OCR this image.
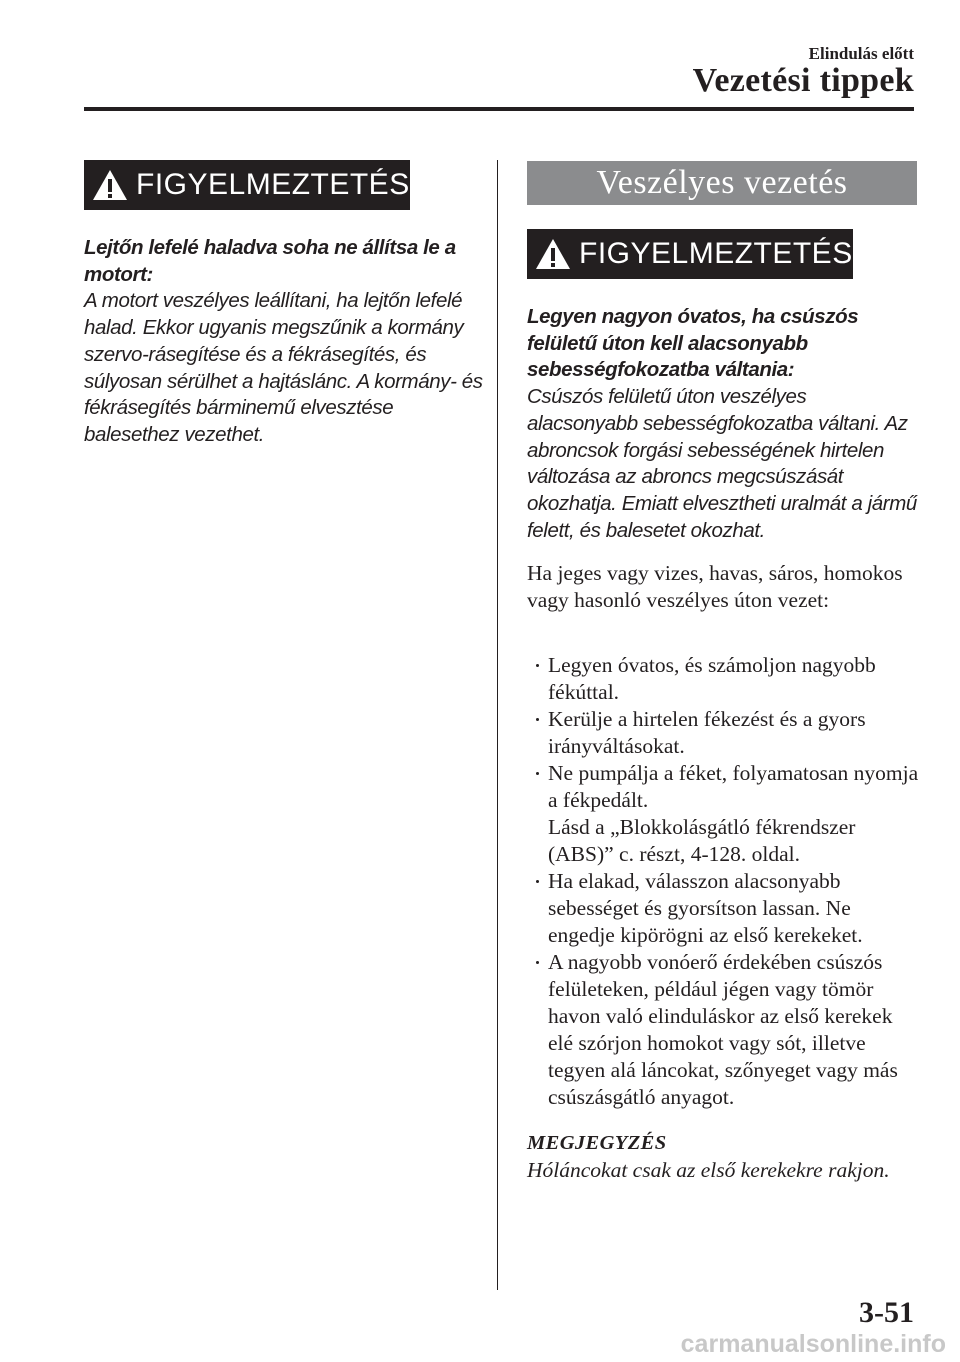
Elindulás előtt
Vezetési tippek
FIGYELMEZTETÉS
Lejtőn lefelé haladva soha ne állítsa le a motort:
A motort veszélyes leállítani, ha lejtőn lefelé halad. Ekkor ugyanis megszűnik a kormány szervo-rásegítése és a fékrásegítés, és súlyosan sérülhet a hajtáslánc. A kormány- és fékrásegítés bárminemű elvesztése balesethez vezethet.
Veszélyes vezetés
FIGYELMEZTETÉS
Legyen nagyon óvatos, ha csúszós felületű úton kell alacsonyabb sebességfokozatba váltania:
Csúszós felületű úton veszélyes alacsonyabb sebességfokozatba váltani. Az abroncsok forgási sebességének hirtelen változása az abroncs megcsúszását okozhatja. Emiatt elvesztheti uralmát a jármű felett, és balesetet okozhat.
Ha jeges vagy vizes, havas, sáros, homokos vagy hasonló veszélyes úton vezet:
Legyen óvatos, és számoljon nagyobb fékúttal.
Kerülje a hirtelen fékezést és a gyors irányváltásokat.
Ne pumpálja a féket, folyamatosan nyomja a fékpedált.
Lásd a „Blokkolásgátló fékrendszer (ABS)” c. részt, 4-128. oldal.
Ha elakad, válasszon alacsonyabb sebességet és gyorsítson lassan. Ne engedje kipörögni az első kerekeket.
A nagyobb vonóerő érdekében csúszós felületeken, például jégen vagy tömör havon való elinduláskor az első kerekek elé szórjon homokot vagy sót, illetve tegyen alá láncokat, szőnyeget vagy más csúszásgátló anyagot.
MEGJEGYZÉS
Hóláncokat csak az első kerekekre rakjon.
3-51
carmanualsonline.info
